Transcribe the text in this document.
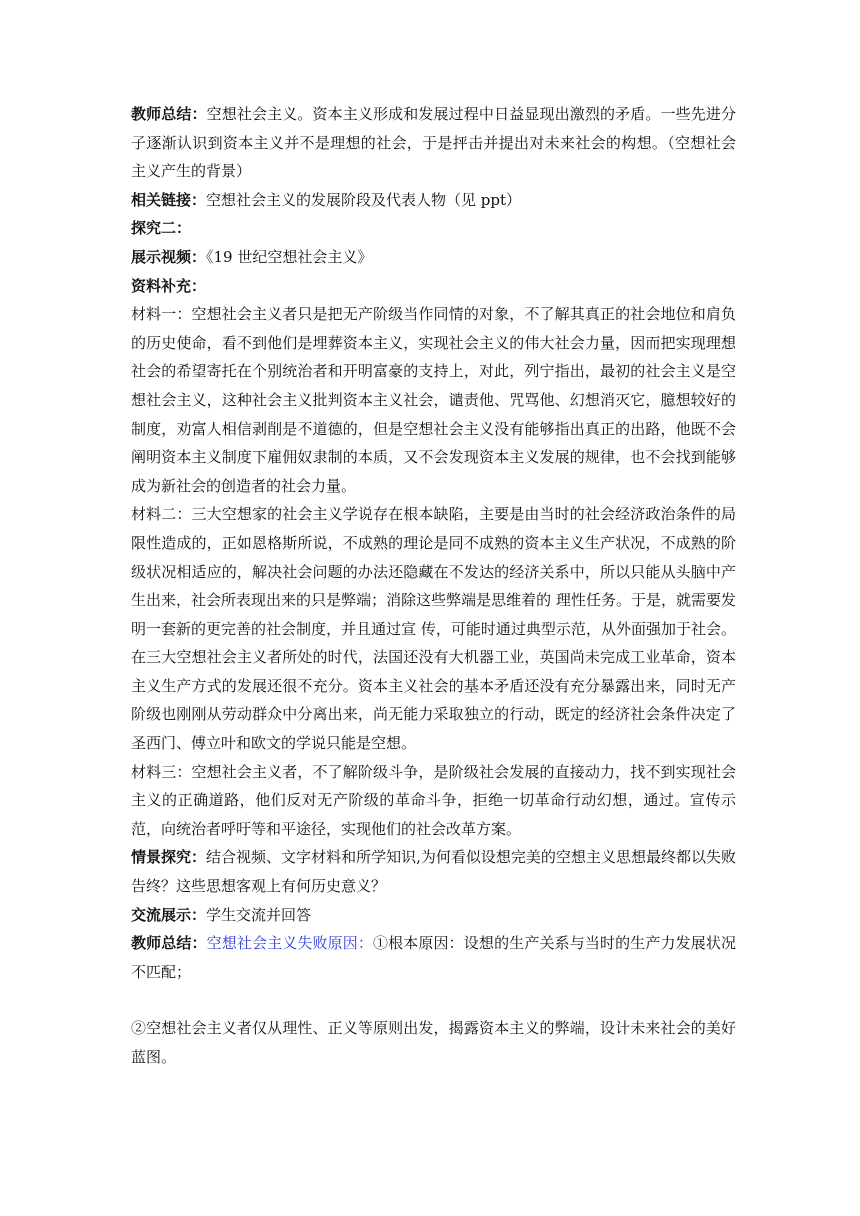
教师总结：空想社会主义。资本主义形成和发展过程中日益显现出激烈的矛盾。一些先进分子逐渐认识到资本主义并不是理想的社会，于是抨击并提出对未来社会的构想。（空想社会主义产生的背景）

相关链接：空想社会主义的发展阶段及代表人物（见 ppt）

探究二：

展示视频：《19 世纪空想社会主义》

资料补充：

材料一：空想社会主义者只是把无产阶级当作同情的对象，不了解其真正的社会地位和肩负的历史使命，看不到他们是埋葬资本主义，实现社会主义的伟大社会力量，因而把实现理想社会的希望寄托在个别统治者和开明富豪的支持上，对此，列宁指出，最初的社会主义是空想社会主义，这种社会主义批判资本主义社会，谴责他、咒骂他、幻想消灭它，臆想较好的制度，劝富人相信剥削是不道德的，但是空想社会主义没有能够指出真正的出路，他既不会阐明资本主义制度下雇佣奴隶制的本质，又不会发现资本主义发展的规律，也不会找到能够成为新社会的创造者的社会力量。

材料二：三大空想家的社会主义学说存在根本缺陷，主要是由当时的社会经济政治条件的局限性造成的，正如恩格斯所说，不成熟的理论是同不成熟的资本主义生产状况，不成熟的阶级状况相适应的，解决社会问题的办法还隐藏在不发达的经济关系中，所以只能从头脑中产生出来，社会所表现出来的只是弊端；消除这些弊端是思维着的 理性任务。于是，就需要发明一套新的更完善的社会制度，并且通过宣 传，可能时通过典型示范，从外面强加于社会。在三大空想社会主义者所处的时代，法国还没有大机器工业，英国尚未完成工业革命，资本主义生产方式的发展还很不充分。资本主义社会的基本矛盾还没有充分暴露出来，同时无产阶级也刚刚从劳动群众中分离出来，尚无能力采取独立的行动，既定的经济社会条件决定了圣西门、傅立叶和欧文的学说只能是空想。

材料三：空想社会主义者，不了解阶级斗争，是阶级社会发展的直接动力，找不到实现社会主义的正确道路，他们反对无产阶级的革命斗争，拒绝一切革命行动幻想，通过。宣传示范，向统治者呼吁等和平途径，实现他们的社会改革方案。

情景探究：结合视频、文字材料和所学知识,为何看似设想完美的空想主义思想最终都以失败告终？这些思想客观上有何历史意义？

交流展示：学生交流并回答

教师总结：空想社会主义失败原因：①根本原因：设想的生产关系与当时的生产力发展状况不匹配；

②空想社会主义者仅从理性、正义等原则出发，揭露资本主义的弊端，设计未来社会的美好蓝图。
